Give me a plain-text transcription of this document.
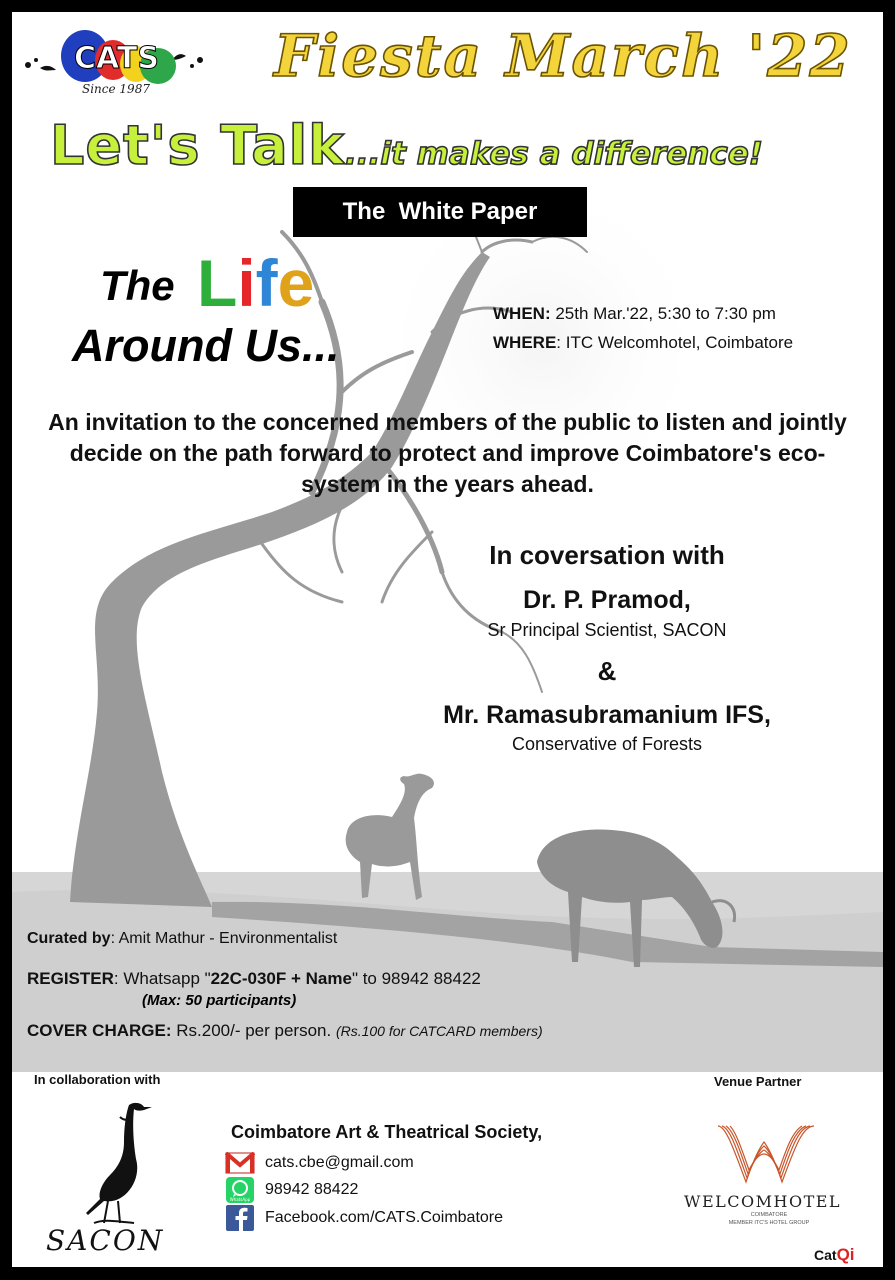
CATS
Since 1987 Fiesta March '22
Let's Talk...it makes a difference!
The  White Paper
The Life
Around Us...
WHEN: 25th Mar.'22, 5:30 to 7:30 pm
WHERE: ITC Welcomhotel, Coimbatore
An invitation to the concerned members of the public to listen and jointly decide on the path forward to protect and improve Coimbatore's eco-system in the years ahead.
In coversation with
Dr. P. Pramod,
Sr Principal Scientist, SACON
&
Mr. Ramasubramanium IFS,
Conservative of Forests
Curated by: Amit Mathur - Environmentalist
REGISTER: Whatsapp "22C-030F + Name" to 98942 88422
(Max: 50 participants)
COVER CHARGE: Rs.200/- per person. (Rs.100 for CATCARD members)
In collaboration with
SACON
Coimbatore Art & Theatrical Society,
cats.cbe@gmail.com
WhatsApp
98942 88422
Facebook.com/CATS.Coimbatore
Venue Partner
WELCOMHOTEL
COIMBATORE
MEMBER ITC'S HOTEL GROUP
CatQi
